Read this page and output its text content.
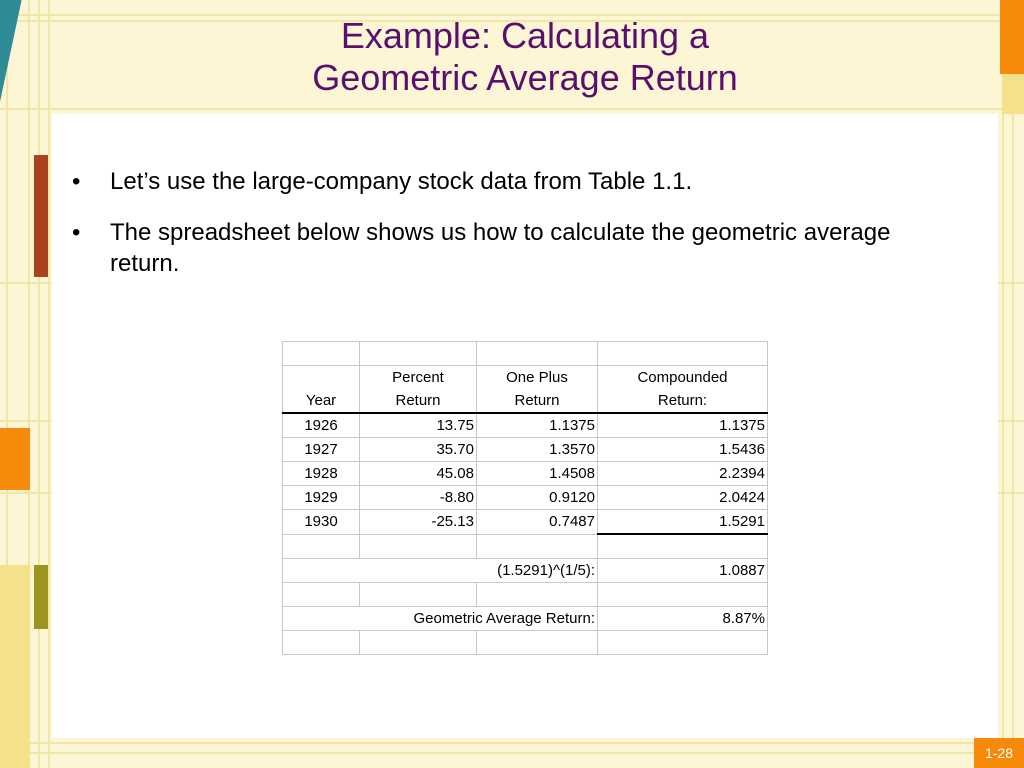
Example: Calculating a
Geometric Average Return
• Let’s use the large-company stock data from Table 1.1.
• The spreadsheet below shows us how to calculate the geometric average return.

	Percent	One Plus	Compounded
Year	Return	Return	Return:
1926	13.75	1.1375	1.1375
1927	35.70	1.3570	1.5436
1928	45.08	1.4508	2.2394
1929	-8.80	0.9120	2.0424
1930	-25.13	0.7487	1.5291

(1.5291)^(1/5):			1.0887

Geometric Average Return:			8.87%

1-28
